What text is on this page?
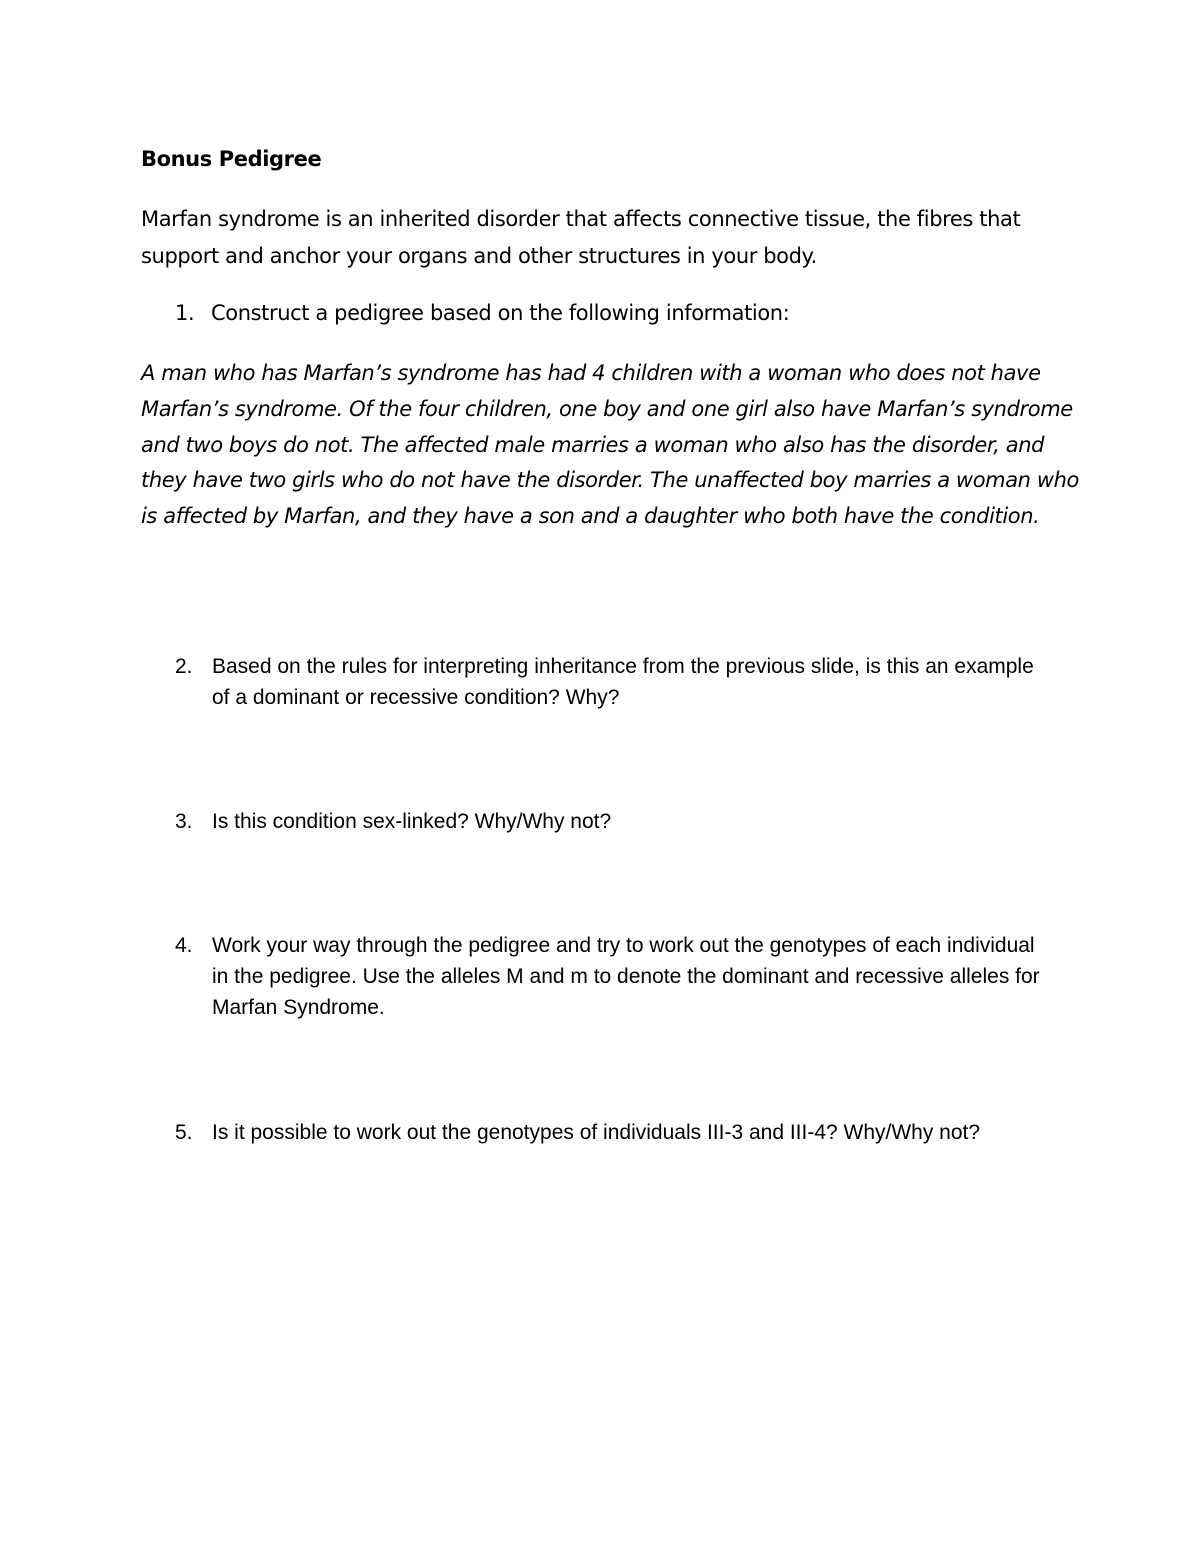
Bonus Pedigree

Marfan syndrome is an inherited disorder that affects connective tissue, the fibres that support and anchor your organs and other structures in your body.

1. Construct a pedigree based on the following information:

A man who has Marfan’s syndrome has had 4 children with a woman who does not have Marfan’s syndrome. Of the four children, one boy and one girl also have Marfan’s syndrome and two boys do not. The affected male marries a woman who also has the disorder, and they have two girls who do not have the disorder. The unaffected boy marries a woman who is affected by Marfan, and they have a son and a daughter who both have the condition.

2. Based on the rules for interpreting inheritance from the previous slide, is this an example of a dominant or recessive condition? Why?
3. Is this condition sex-linked? Why/Why not?
4. Work your way through the pedigree and try to work out the genotypes of each individual in the pedigree. Use the alleles M and m to denote the dominant and recessive alleles for Marfan Syndrome.
5. Is it possible to work out the genotypes of individuals III-3 and III-4? Why/Why not?
